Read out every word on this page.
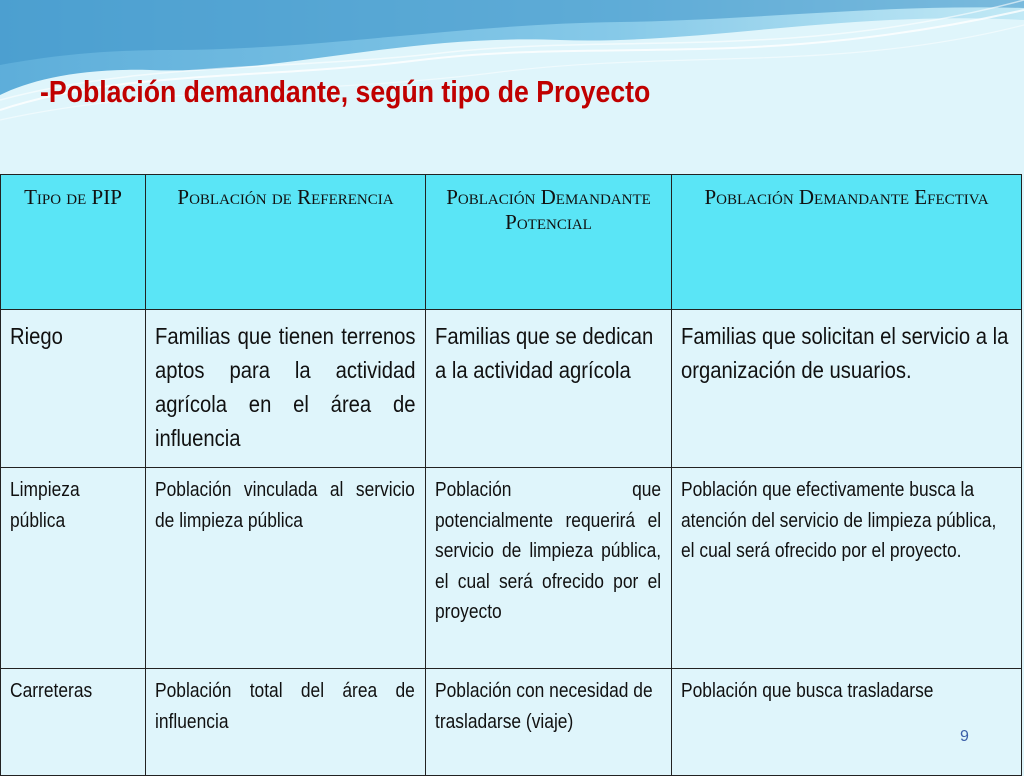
-Población demandante, según tipo de Proyecto
Tipo de PIP	Población de Referencia	Población Demandante Potencial	Población Demandante Efectiva

Riego	Familias que tienen terrenos aptos para la actividad agrícola en el área de influencia	Familias que se dedican a la actividad agrícola	Familias que solicitan el servicio a la organización de usuarios.

Limpieza pública	Población vinculada al servicio de limpieza pública	Población que potencialmente requerirá el servicio de limpieza pública, el cual será ofrecido por el proyecto	Población que efectivamente busca la atención del servicio de limpieza pública, el cual será ofrecido por el proyecto.

Carreteras	Población total del área de influencia	Población con necesidad de trasladarse (viaje)	Población que busca trasladarse
9
